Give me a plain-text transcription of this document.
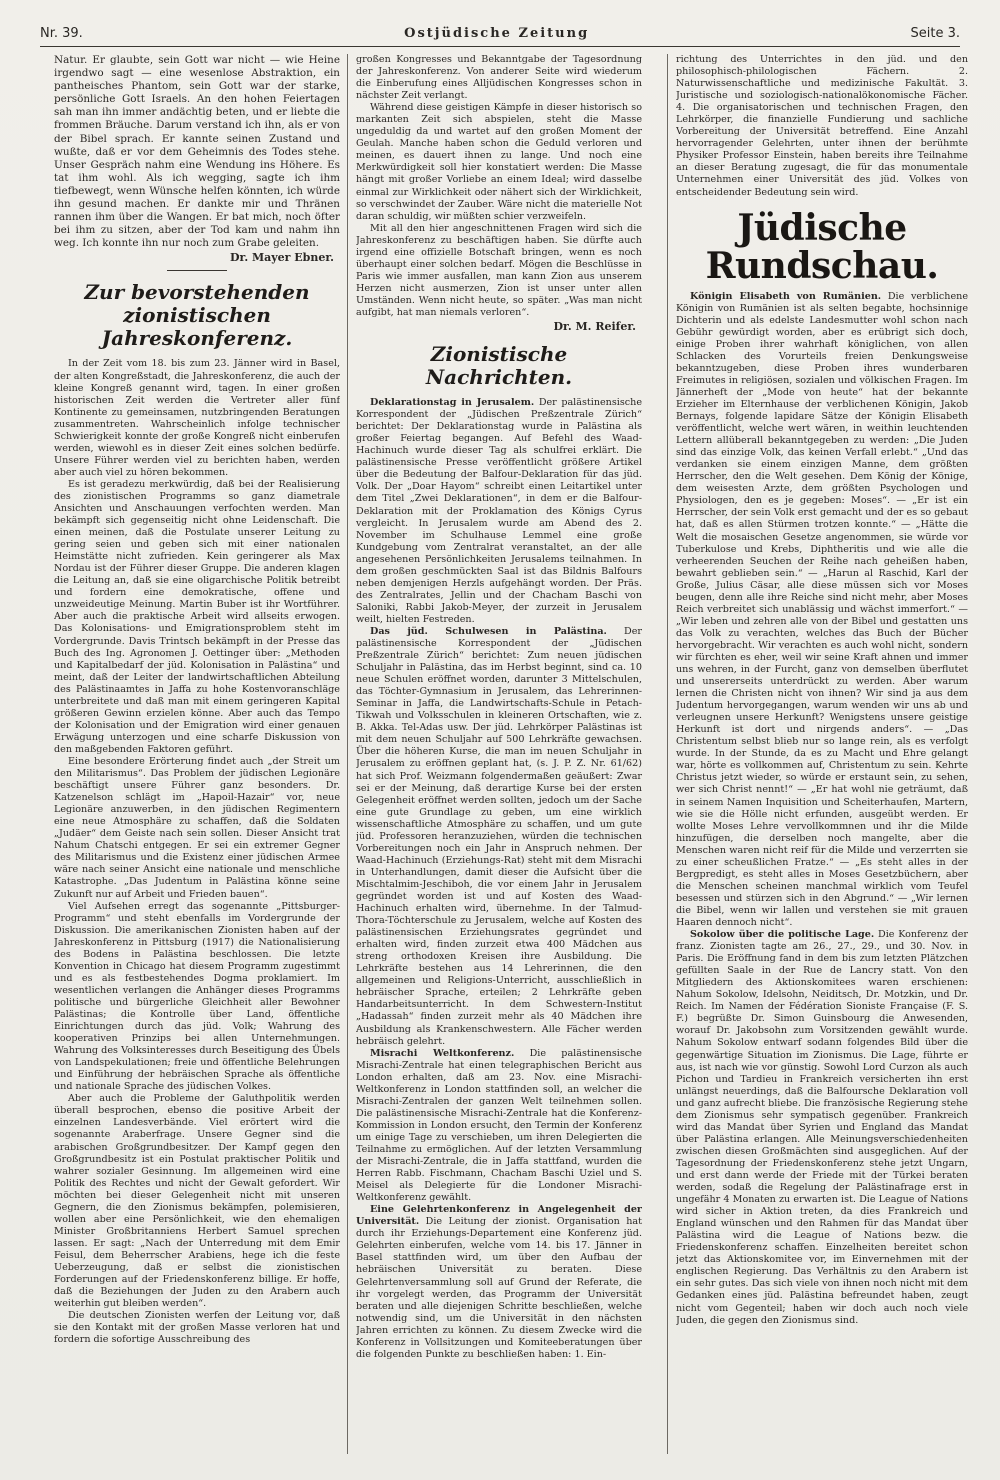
Nr. 39.	Ostjüdische Zeitung	Seite 3.

Natur. Er glaubte, sein Gott war nicht — wie Heine irgendwo sagt — eine wesenlose Abstraktion, ein pantheisches Phantom, sein Gott war der starke, persönliche Gott Israels. An den hohen Feiertagen sah man ihn immer andächtig beten, und er liebte die frommen Bräuche. Darum verstand ich ihn, als er von der Bibel sprach. Er kannte seinen Zustand und wußte, daß er vor dem Geheimnis des Todes stehe. Unser Gespräch nahm eine Wendung ins Höhere. Es tat ihm wohl. Als ich wegging, sagte ich ihm tiefbewegt, wenn Wünsche helfen könnten, ich würde ihn gesund machen. Er dankte mir und Thränen rannen ihm über die Wangen. Er bat mich, noch öfter bei ihm zu sitzen, aber der Tod kam und nahm ihn weg. Ich konnte ihn nur noch zum Grabe geleiten.

Dr. Mayer Ebner.
Zur bevorstehenden zionistischen Jahreskonferenz.

In der Zeit vom 18. bis zum 23. Jänner wird in Basel, der alten Kongreßstadt, die Jahreskonferenz, die auch der kleine Kongreß genannt wird, tagen. In einer großen historischen Zeit werden die Vertreter aller fünf Kontinente zu gemeinsamen, nutzbringenden Beratungen zusammentreten. Wahrscheinlich infolge technischer Schwierigkeit konnte der große Kongreß nicht einberufen werden, wiewohl es in dieser Zeit eines solchen bedürfe. Unsere Führer werden viel zu berichten haben, werden aber auch viel zu hören bekommen.

Es ist geradezu merkwürdig, daß bei der Realisierung des zionistischen Programms so ganz diametrale Ansichten und Anschauungen verfochten werden. Man bekämpft sich gegenseitig nicht ohne Leidenschaft. Die einen meinen, daß die Postulate unserer Leitung zu gering seien und geben sich mit einer nationalen Heimstätte nicht zufrieden. Kein geringerer als Max Nordau ist der Führer dieser Gruppe. Die anderen klagen die Leitung an, daß sie eine oligarchische Politik betreibt und fordern eine demokratische, offene und unzweideutige Meinung. Martin Buber ist ihr Wortführer. Aber auch die praktische Arbeit wird allseits erwogen. Das Kolonisations- und Emigrationsproblem steht im Vordergrunde. Davis Trintsch bekämpft in der Presse das Buch des Ing. Agronomen J. Oettinger über: „Methoden und Kapitalbedarf der jüd. Kolonisation in Palästina“ und meint, daß der Leiter der landwirtschaftlichen Abteilung des Palästinaamtes in Jaffa zu hohe Kostenvoranschläge unterbreitete und daß man mit einem geringeren Kapital größeren Gewinn erzielen könne. Aber auch das Tempo der Kolonisation und der Emigration wird einer genauen Erwägung unterzogen und eine scharfe Diskussion von den maßgebenden Faktoren geführt.

Eine besondere Erörterung findet auch „der Streit um den Militarismus“. Das Problem der jüdischen Legionäre beschäftigt unsere Führer ganz besonders. Dr. Katzenelson schlägt im „Hapoil-Hazair“ vor, neue Legionäre anzuwerben, in den jüdischen Regimentern eine neue Atmosphäre zu schaffen, daß die Soldaten „Judäer“ dem Geiste nach sein sollen. Dieser Ansicht trat Nahum Chatschi entgegen. Er sei ein extremer Gegner des Militarismus und die Existenz einer jüdischen Armee wäre nach seiner Ansicht eine nationale und menschliche Katastrophe. „Das Judentum in Palästina könne seine Zukunft nur auf Arbeit und Frieden bauen“.

Viel Aufsehen erregt das sogenannte „Pittsburger-Programm“ und steht ebenfalls im Vordergrunde der Diskussion. Die amerikanischen Zionisten haben auf der Jahreskonferenz in Pittsburg (1917) die Nationalisierung des Bodens in Palästina beschlossen. Die letzte Konvention in Chicago hat diesem Programm zugestimmt und es als festbestehendes Dogma proklamiert. Im wesentlichen verlangen die Anhänger dieses Programms politische und bürgerliche Gleichheit aller Bewohner Palästinas; die Kontrolle über Land, öffentliche Einrichtungen durch das jüd. Volk; Wahrung des kooperativen Prinzips bei allen Unternehmungen. Wahrung des Volksinteresses durch Beseitigung des Übels von Landspekulationen; freie und öffentliche Belehrungen und Einführung der hebräischen Sprache als öffentliche und nationale Sprache des jüdischen Volkes.

Aber auch die Probleme der Galuthpolitik werden überall besprochen, ebenso die positive Arbeit der einzelnen Landesverbände. Viel erörtert wird die sogenannte Araberfrage. Unsere Gegner sind die arabischen Großgrundbesitzer. Der Kampf gegen den Großgrundbesitz ist ein Postulat praktischer Politik und wahrer sozialer Gesinnung. Im allgemeinen wird eine Politik des Rechtes und nicht der Gewalt gefordert. Wir möchten bei dieser Gelegenheit nicht mit unseren Gegnern, die den Zionismus bekämpfen, polemisieren, wollen aber eine Persönlichkeit, wie den ehemaligen Minister Großbritanniens Herbert Samuel sprechen lassen. Er sagt: „Nach der Unterredung mit dem Emir Feisul, dem Beherrscher Arabiens, hege ich die feste Ueberzeugung, daß er selbst die zionistischen Forderungen auf der Friedenskonferenz billige. Er hoffe, daß die Beziehungen der Juden zu den Arabern auch weiterhin gut bleiben werden“.

Die deutschen Zionisten werfen der Leitung vor, daß sie den Kontakt mit der großen Masse verloren hat und fordern die sofortige Ausschreibung des

großen Kongresses und Bekanntgabe der Tagesordnung der Jahreskonferenz. Von anderer Seite wird wiederum die Einberufung eines Alljüdischen Kongresses schon in nächster Zeit verlangt.

Während diese geistigen Kämpfe in dieser historisch so markanten Zeit sich abspielen, steht die Masse ungeduldig da und wartet auf den großen Moment der Geulah. Manche haben schon die Geduld verloren und meinen, es dauert ihnen zu lange. Und noch eine Merkwürdigkeit soll hier konstatiert werden: Die Masse hängt mit großer Vorliebe an einem Ideal; wird dasselbe einmal zur Wirklichkeit oder nähert sich der Wirklichkeit, so verschwindet der Zauber. Wäre nicht die materielle Not daran schuldig, wir müßten schier verzweifeln.

Mit all den hier angeschnittenen Fragen wird sich die Jahreskonferenz zu beschäftigen haben. Sie dürfte auch irgend eine offizielle Botschaft bringen, wenn es noch überhaupt einer solchen bedarf. Mögen die Beschlüsse in Paris wie immer ausfallen, man kann Zion aus unserem Herzen nicht ausmerzen, Zion ist unser unter allen Umständen. Wenn nicht heute, so später. „Was man nicht aufgibt, hat man niemals verloren“.

Dr. M. Reifer.
Zionistische Nachrichten.

Deklarationstag in Jerusalem. Der palästinensische Korrespondent der „Jüdischen Preßzentrale Zürich“ berichtet: Der Deklarationstag wurde in Palästina als großer Feiertag begangen. Auf Befehl des Waad-Hachinuch wurde dieser Tag als schulfrei erklärt. Die palästinensische Presse veröffentlicht größere Artikel über die Bedeutung der Balfour-Deklaration für das jüd. Volk. Der „Doar Hayom“ schreibt einen Leitartikel unter dem Titel „Zwei Deklarationen“, in dem er die Balfour-Deklaration mit der Proklamation des Königs Cyrus vergleicht. In Jerusalem wurde am Abend des 2. November im Schulhause Lemmel eine große Kundgebung vom Zentralrat veranstaltet, an der alle angesehenen Persönlichkeiten Jerusalems teilnahmen. In dem großen geschmückten Saal ist das Bildnis Balfours neben demjenigen Herzls aufgehängt worden. Der Präs. des Zentralrates, Jellin und der Chacham Baschi von Saloniki, Rabbi Jakob-Meyer, der zurzeit in Jerusalem weilt, hielten Festreden.

Das jüd. Schulwesen in Palästina. Der palästinensische Korrespondent der „Jüdischen Preßzentrale Zürich“ berichtet: Zum neuen jüdischen Schuljahr in Palästina, das im Herbst beginnt, sind ca. 10 neue Schulen eröffnet worden, darunter 3 Mittelschulen, das Töchter-Gymnasium in Jerusalem, das Lehrerinnen-Seminar in Jaffa, die Landwirtschafts-Schule in Petach-Tikwah und Volksschulen in kleineren Ortschaften, wie z. B. Akka. Tel-Adas usw. Der jüd. Lehrkörper Palästinas ist mit dem neuen Schuljahr auf 500 Lehrkräfte gewachsen. Über die höheren Kurse, die man im neuen Schuljahr in Jerusalem zu eröffnen geplant hat, (s. J. P. Z. Nr. 61/62) hat sich Prof. Weizmann folgendermaßen geäußert: Zwar sei er der Meinung, daß derartige Kurse bei der ersten Gelegenheit eröffnet werden sollten, jedoch um der Sache eine gute Grundlage zu geben, um eine wirklich wissenschaftliche Atmosphäre zu schaffen, und um gute jüd. Professoren heranzuziehen, würden die technischen Vorbereitungen noch ein Jahr in Anspruch nehmen. Der Waad-Hachinuch (Erziehungs-Rat) steht mit dem Misrachi in Unterhandlungen, damit dieser die Aufsicht über die Mischtalmim-Jeschiboh, die vor einem Jahr in Jerusalem gegründet worden ist und auf Kosten des Waad-Hachinuch erhalten wird, übernehme. In der Talmud-Thora-Töchterschule zu Jerusalem, welche auf Kosten des palästinensischen Erziehungsrates gegründet und erhalten wird, finden zurzeit etwa 400 Mädchen aus streng orthodoxen Kreisen ihre Ausbildung. Die Lehrkräfte bestehen aus 14 Lehrerinnen, die den allgemeinen und Religions-Unterricht, ausschließlich in hebräischer Sprache, erteilen; 2 Lehrkräfte geben Handarbeitsunterricht. In dem Schwestern-Institut „Hadassah“ finden zurzeit mehr als 40 Mädchen ihre Ausbildung als Krankenschwestern. Alle Fächer werden hebräisch gelehrt.

Misrachi Weltkonferenz. Die palästinensische Misrachi-Zentrale hat einen telegraphischen Bericht aus London erhalten, daß am 23. Nov. eine Misrachi-Weltkonferenz in London stattfinden soll, an welcher die Misrachi-Zentralen der ganzen Welt teilnehmen sollen. Die palästinensische Misrachi-Zentrale hat die Konferenz-Kommission in London ersucht, den Termin der Konferenz um einige Tage zu verschieben, um ihren Delegierten die Teilnahme zu ermöglichen. Auf der letzten Versammlung der Misrachi-Zentrale, die in Jaffa stattfand, wurden die Herren Rabb. Fischmann, Chacham Baschi Uziel und S. Meisel als Delegierte für die Londoner Misrachi-Weltkonferenz gewählt.

Eine Gelehrtenkonferenz in Angelegenheit der Universität. Die Leitung der zionist. Organisation hat durch ihr Erziehungs-Departement eine Konferenz jüd. Gelehrten einberufen, welche vom 14. bis 17. Jänner in Basel stattfinden wird, um über den Aufbau der hebräischen Universität zu beraten. Diese Gelehrtenversammlung soll auf Grund der Referate, die ihr vorgelegt werden, das Programm der Universität beraten und alle diejenigen Schritte beschließen, welche notwendig sind, um die Universität in den nächsten Jahren errichten zu können. Zu diesem Zwecke wird die Konferenz in Vollsitzungen und Komiteeberatungen über die folgenden Punkte zu beschließen haben: 1. Ein-

richtung des Unterrichtes in den jüd. und den philosophisch-philologischen Fächern. 2. Naturwissenschaftliche und medizinische Fakultät. 3. Juristische und soziologisch-nationalökonomische Fächer. 4. Die organisatorischen und technischen Fragen, den Lehrkörper, die finanzielle Fundierung und sachliche Vorbereitung der Universität betreffend. Eine Anzahl hervorragender Gelehrten, unter ihnen der berühmte Physiker Professor Einstein, haben bereits ihre Teilnahme an dieser Beratung zugesagt, die für das monumentale Unternehmen einer Universität des jüd. Volkes von entscheidender Bedeutung sein wird.

Jüdische Rundschau.

Königin Elisabeth von Rumänien. Die verblichene Königin von Rumänien ist als selten begabte, hochsinnige Dichterin und als edelste Landesmutter wohl schon nach Gebühr gewürdigt worden, aber es erübrigt sich doch, einige Proben ihrer wahrhaft königlichen, von allen Schlacken des Vorurteils freien Denkungsweise bekanntzugeben, diese Proben ihres wunderbaren Freimutes in religiösen, sozialen und völkischen Fragen. Im Jännerheft der „Mode von heute“ hat der bekannte Erzieher im Elternhause der verblichenen Königin, Jakob Bernays, folgende lapidare Sätze der Königin Elisabeth veröffentlicht, welche wert wären, in weithin leuchtenden Lettern allüberall bekanntgegeben zu werden: „Die Juden sind das einzige Volk, das keinen Verfall erlebt.“ „Und das verdanken sie einem einzigen Manne, dem größten Herrscher, den die Welt gesehen. Dem König der Könige, dem weisesten Arzte, dem größten Psychologen und Physiologen, den es je gegeben: Moses“. — „Er ist ein Herrscher, der sein Volk erst gemacht und der es so gebaut hat, daß es allen Stürmen trotzen konnte.“ — „Hätte die Welt die mosaischen Gesetze angenommen, sie würde vor Tuberkulose und Krebs, Diphtheritis und wie alle die verheerenden Seuchen der Reihe nach geheißen haben, bewahrt geblieben sein.“ — „Harun al Raschid, Karl der Große, Julius Cäsar, alle diese müssen sich vor Moses beugen, denn alle ihre Reiche sind nicht mehr, aber Moses Reich verbreitet sich unablässig und wächst immerfort.“ — „Wir leben und zehren alle von der Bibel und gestatten uns das Volk zu verachten, welches das Buch der Bücher hervorgebracht. Wir verachten es auch wohl nicht, sondern wir fürchten es eher, weil wir seine Kraft ahnen und immer uns wehren, in der Furcht, ganz von demselben überflutet und unsererseits unterdrückt zu werden. Aber warum lernen die Christen nicht von ihnen? Wir sind ja aus dem Judentum hervorgegangen, warum wenden wir uns ab und verleugnen unsere Herkunft? Wenigstens unsere geistige Herkunft ist dort und nirgends anders“. — „Das Christentum selbst blieb nur so lange rein, als es verfolgt wurde. In der Stunde, da es zu Macht und Ehre gelangt war, hörte es vollkommen auf, Christentum zu sein. Kehrte Christus jetzt wieder, so würde er erstaunt sein, zu sehen, wer sich Christ nennt!“ — „Er hat wohl nie geträumt, daß in seinem Namen Inquisition und Scheiterhaufen, Martern, wie sie die Hölle nicht erfunden, ausgeübt werden. Er wollte Moses Lehre vervollkommnen und ihr die Milde hinzufügen, die derselben noch mangelte, aber die Menschen waren nicht reif für die Milde und verzerrten sie zu einer scheußlichen Fratze.“ — „Es steht alles in der Bergpredigt, es steht alles in Moses Gesetzbüchern, aber die Menschen scheinen manchmal wirklich vom Teufel besessen und stürzen sich in den Abgrund.“ — „Wir lernen die Bibel, wenn wir lallen und verstehen sie mit grauen Haaren dennoch nicht“.

Sokolow über die politische Lage. Die Konferenz der franz. Zionisten tagte am 26., 27., 29., und 30. Nov. in Paris. Die Eröffnung fand in dem bis zum letzten Plätzchen gefüllten Saale in der Rue de Lancry statt. Von den Mitgliedern des Aktionskomitees waren erschienen: Nahum Sokolow, Idelsohn, Neiditsch, Dr. Motzkin, und Dr. Reich. Im Namen der Fédération Sioniste Française (F. S. F.) begrüßte Dr. Simon Guinsbourg die Anwesenden, worauf Dr. Jakobsohn zum Vorsitzenden gewählt wurde. Nahum Sokolow entwarf sodann folgendes Bild über die gegenwärtige Situation im Zionismus. Die Lage, führte er aus, ist nach wie vor günstig. Sowohl Lord Curzon als auch Pichon und Tardieu in Frankreich versicherten ihn erst unlängst neuerdings, daß die Balfoursche Deklaration voll und ganz aufrecht bliebe. Die französische Regierung stehe dem Zionismus sehr sympatisch gegenüber. Frankreich wird das Mandat über Syrien und England das Mandat über Palästina erlangen. Alle Meinungsverschiedenheiten zwischen diesen Großmächten sind ausgeglichen. Auf der Tagesordnung der Friedenskonferenz stehe jetzt Ungarn, und erst dann werde der Friede mit der Türkei beraten werden, sodaß die Regelung der Palästinafrage erst in ungefähr 4 Monaten zu erwarten ist. Die League of Nations wird sicher in Aktion treten, da dies Frankreich und England wünschen und den Rahmen für das Mandat über Palästina wird die League of Nations bezw. die Friedenskonferenz schaffen. Einzelheiten bereitet schon jetzt das Aktionskomitee vor, im Einvernehmen mit der englischen Regierung. Das Verhältnis zu den Arabern ist ein sehr gutes. Das sich viele von ihnen noch nicht mit dem Gedanken eines jüd. Palästina befreundet haben, zeugt nicht vom Gegenteil; haben wir doch auch noch viele Juden, die gegen den Zionismus sind.
